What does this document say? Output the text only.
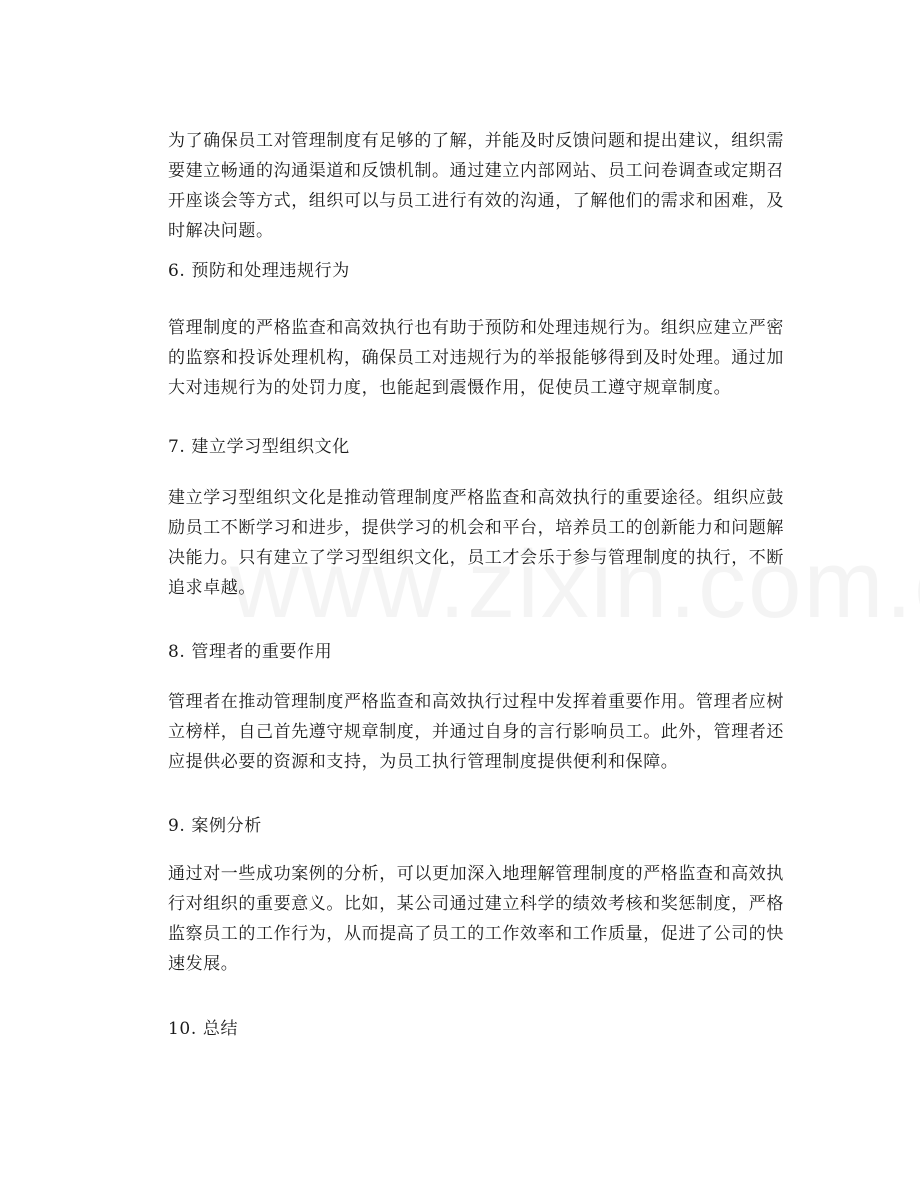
为了确保员工对管理制度有足够的了解，并能及时反馈问题和提出建议，组织需要建立畅通的沟通渠道和反馈机制。通过建立内部网站、员工问卷调查或定期召开座谈会等方式，组织可以与员工进行有效的沟通，了解他们的需求和困难，及时解决问题。

6. 预防和处理违规行为

管理制度的严格监查和高效执行也有助于预防和处理违规行为。组织应建立严密的监察和投诉处理机构，确保员工对违规行为的举报能够得到及时处理。通过加大对违规行为的处罚力度，也能起到震慑作用，促使员工遵守规章制度。

7. 建立学习型组织文化

建立学习型组织文化是推动管理制度严格监查和高效执行的重要途径。组织应鼓励员工不断学习和进步，提供学习的机会和平台，培养员工的创新能力和问题解决能力。只有建立了学习型组织文化，员工才会乐于参与管理制度的执行，不断追求卓越。

8. 管理者的重要作用

管理者在推动管理制度严格监查和高效执行过程中发挥着重要作用。管理者应树立榜样，自己首先遵守规章制度，并通过自身的言行影响员工。此外，管理者还应提供必要的资源和支持，为员工执行管理制度提供便利和保障。

9. 案例分析

通过对一些成功案例的分析，可以更加深入地理解管理制度的严格监查和高效执行对组织的重要意义。比如，某公司通过建立科学的绩效考核和奖惩制度，严格监察员工的工作行为，从而提高了员工的工作效率和工作质量，促进了公司的快速发展。

10. 总结
